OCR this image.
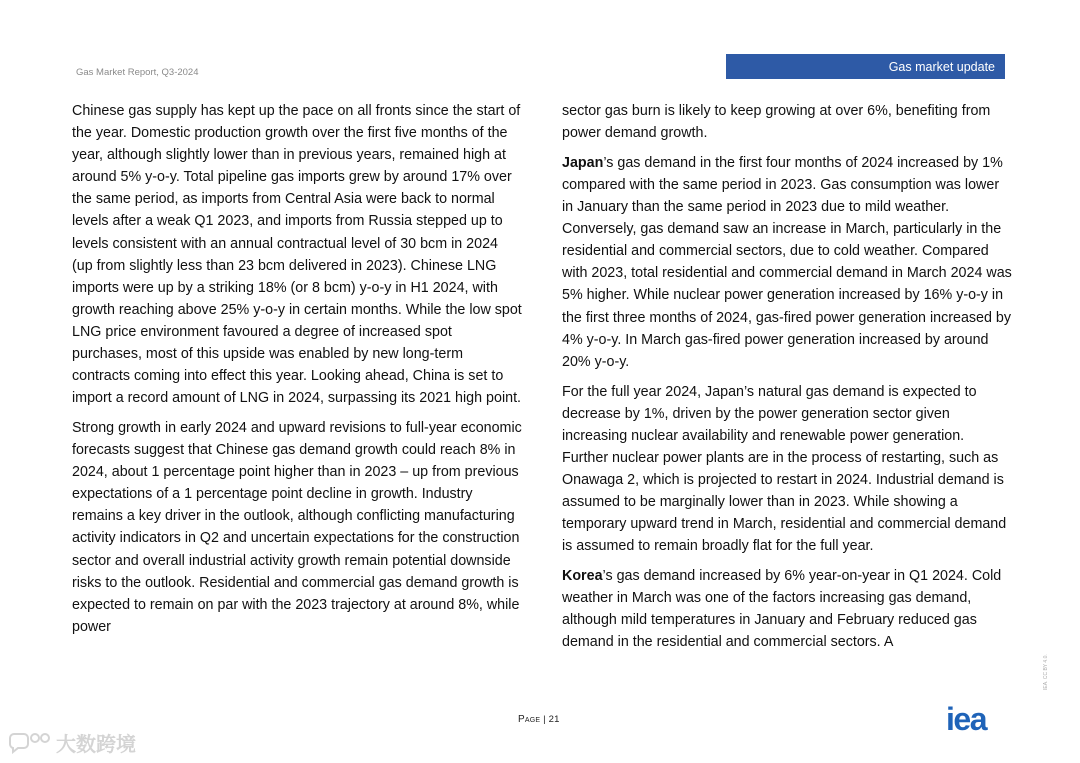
Gas Market Report, Q3-2024	Gas market update

Chinese gas supply has kept up the pace on all fronts since the start of the year. Domestic production growth over the first five months of the year, although slightly lower than in previous years, remained high at around 5% y-o-y. Total pipeline gas imports grew by around 17% over the same period, as imports from Central Asia were back to normal levels after a weak Q1 2023, and imports from Russia stepped up to levels consistent with an annual contractual level of 30 bcm in 2024 (up from slightly less than 23 bcm delivered in 2023). Chinese LNG imports were up by a striking 18% (or 8 bcm) y-o-y in H1 2024, with growth reaching above 25% y-o-y in certain months. While the low spot LNG price environment favoured a degree of increased spot purchases, most of this upside was enabled by new long-term contracts coming into effect this year. Looking ahead, China is set to import a record amount of LNG in 2024, surpassing its 2021 high point.

Strong growth in early 2024 and upward revisions to full-year economic forecasts suggest that Chinese gas demand growth could reach 8% in 2024, about 1 percentage point higher than in 2023 – up from previous expectations of a 1 percentage point decline in growth. Industry remains a key driver in the outlook, although conflicting manufacturing activity indicators in Q2 and uncertain expectations for the construction sector and overall industrial activity growth remain potential downside risks to the outlook. Residential and commercial gas demand growth is expected to remain on par with the 2023 trajectory at around 8%, while power

sector gas burn is likely to keep growing at over 6%, benefiting from power demand growth.

Japan’s gas demand in the first four months of 2024 increased by 1% compared with the same period in 2023. Gas consumption was lower in January than the same period in 2023 due to mild weather. Conversely, gas demand saw an increase in March, particularly in the residential and commercial sectors, due to cold weather. Compared with 2023, total residential and commercial demand in March 2024 was 5% higher. While nuclear power generation increased by 16% y-o-y in the first three months of 2024, gas-fired power generation increased by 4% y-o-y. In March gas-fired power generation increased by around 20% y-o-y.

For the full year 2024, Japan’s natural gas demand is expected to decrease by 1%, driven by the power generation sector given increasing nuclear availability and renewable power generation. Further nuclear power plants are in the process of restarting, such as Onawaga 2, which is projected to restart in 2024. Industrial demand is assumed to be marginally lower than in 2023. While showing a temporary upward trend in March, residential and commercial demand is assumed to remain broadly flat for the full year.

Korea’s gas demand increased by 6% year-on-year in Q1 2024. Cold weather in March was one of the factors increasing gas demand, although mild temperatures in January and February reduced gas demand in the residential and commercial sectors. A

Page | 21	iea
IEA. CC BY 4.0.
大数跨境
